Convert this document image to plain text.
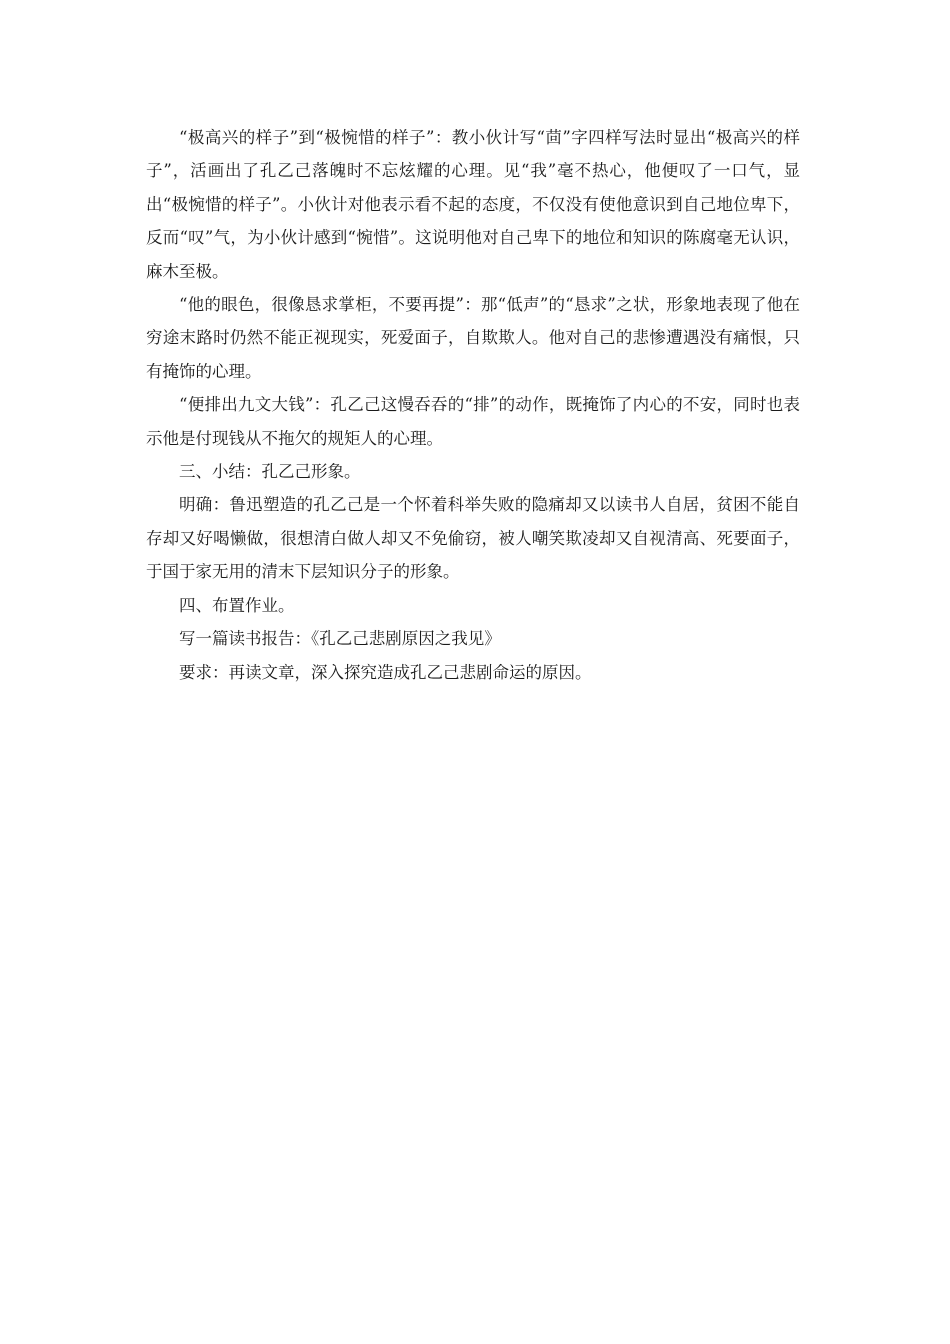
“极高兴的样子”到“极惋惜的样子”：教小伙计写“茴”字四样写法时显出“极高兴的样子”，活画出了孔乙己落魄时不忘炫耀的心理。见“我”毫不热心，他便叹了一口气，显出“极惋惜的样子”。小伙计对他表示看不起的态度，不仅没有使他意识到自己地位卑下，反而“叹”气，为小伙计感到“惋惜”。这说明他对自己卑下的地位和知识的陈腐毫无认识，麻木至极。

“他的眼色，很像恳求掌柜，不要再提”：那“低声”的“恳求”之状，形象地表现了他在穷途末路时仍然不能正视现实，死爱面子，自欺欺人。他对自己的悲惨遭遇没有痛恨，只有掩饰的心理。

“便排出九文大钱”：孔乙己这慢吞吞的“排”的动作，既掩饰了内心的不安，同时也表示他是付现钱从不拖欠的规矩人的心理。

三、小结：孔乙己形象。

明确：鲁迅塑造的孔乙己是一个怀着科举失败的隐痛却又以读书人自居，贫困不能自存却又好喝懒做，很想清白做人却又不免偷窃，被人嘲笑欺凌却又自视清高、死要面子，于国于家无用的清末下层知识分子的形象。

四、布置作业。

写一篇读书报告：《孔乙己悲剧原因之我见》

要求：再读文章，深入探究造成孔乙己悲剧命运的原因。
